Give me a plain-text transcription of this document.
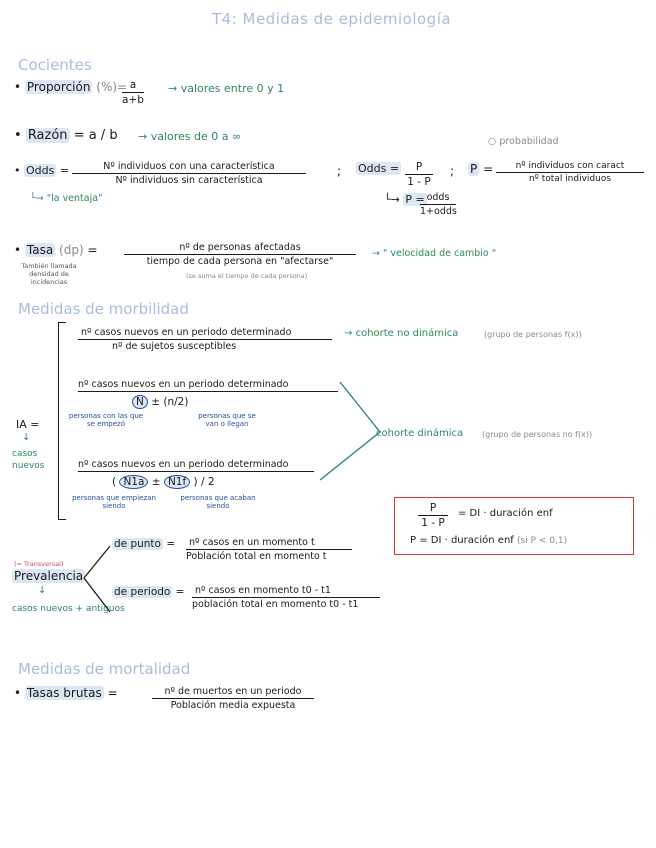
T4: Medidas de epidemiología
Cocientes
• Proporción (%)=
$\frac{a}{a+b}$ → valores entre 0 y 1
• Razón = a / b → valores de 0 a ∞
• Odds =	Nº individuos con una característica
Nº individuos sin característica
└→ "la ventaja"
; Odds = $\frac{P}{1 - P}$ ; P =	nº individuos con caract
nº total individuos
○ probabilidad
└→ P = odds
1+odds
• Tasa (dp) =
También llamada densidad de incidencias
nº de personas afectadas
tiempo de cada persona en "afectarse"
(se suma el tiempo de cada persona)
→ " velocidad de cambio "
Medidas de morbilidad
IA =
↓
casos nuevos
nº casos nuevos en un periodo determinado
nº de sujetos susceptibles
→ cohorte no dinámica	(grupo de personas f(x))
nº casos nuevos en un periodo determinado
N ± (n/2)
personas con las que se empezó
personas que se van o llegan
nº casos nuevos en un periodo determinado
( N1a ± N1f ) / 2
personas que empiezan siendo
personas que acaban siendo
cohorte dinámica (grupo de personas no f(x))
$\frac{P}{1 - P}$ = DI · duración enf
P = DI · duración enf (si P < 0,1)
(= Transversal)
Prevalencia
↓
casos nuevos + antiguos
de punto =	nº casos en un momento t
Población total en momento t
de periodo =	nº casos en momento t0 - t1
población total en momento t0 - t1
Medidas de mortalidad
• Tasas brutas =	nº de muertos en un periodo
Población media expuesta
